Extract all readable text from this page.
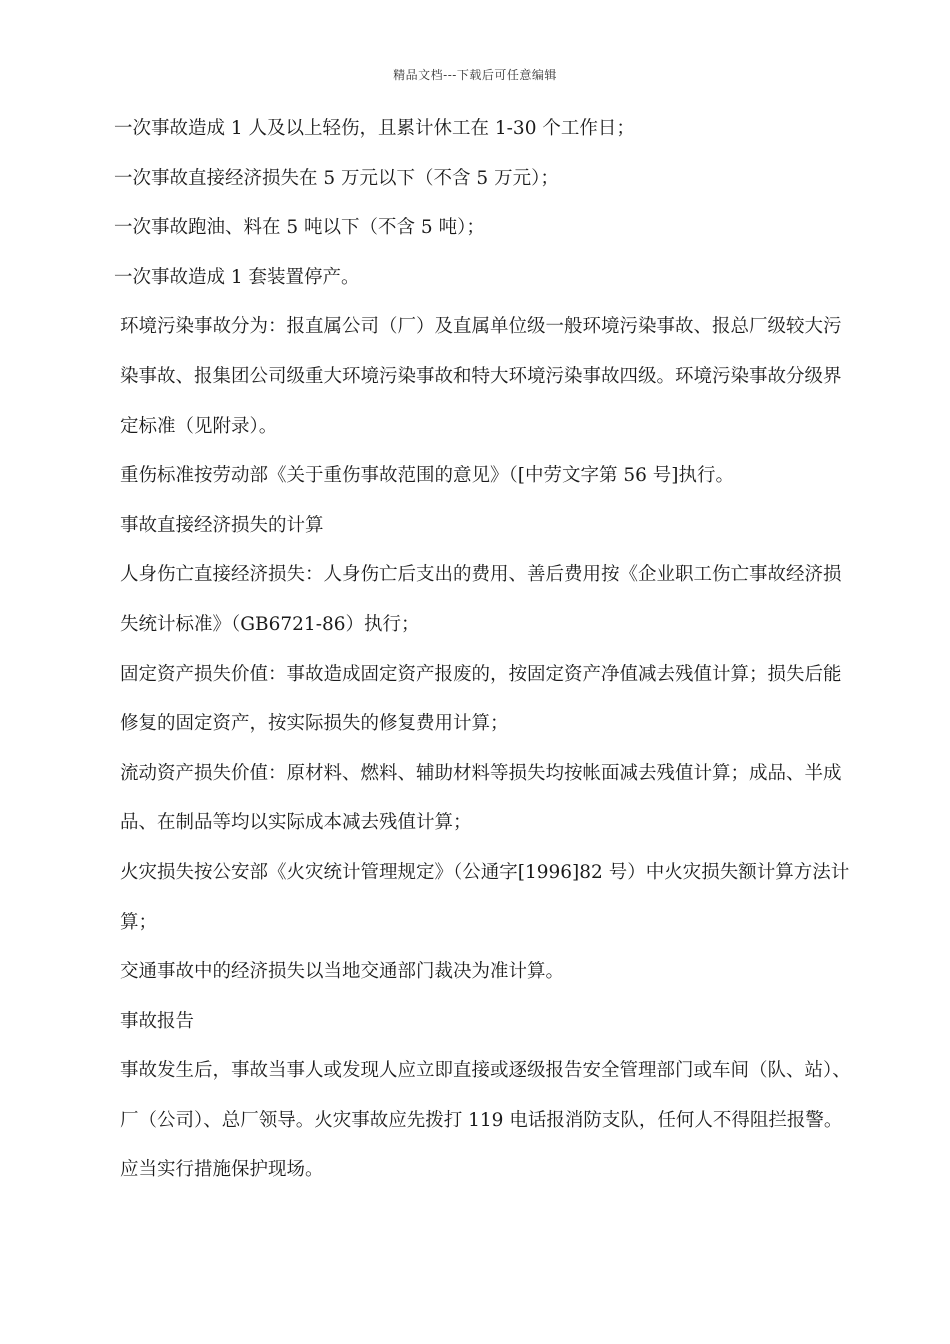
精品文档---下载后可任意编辑

一次事故造成 1 人及以上轻伤，且累计休工在 1-30 个工作日；

一次事故直接经济损失在 5 万元以下（不含 5 万元）；

一次事故跑油、料在 5 吨以下（不含 5 吨）；

一次事故造成 1 套装置停产。

环境污染事故分为：报直属公司（厂）及直属单位级一般环境污染事故、报总厂级较大污染事故、报集团公司级重大环境污染事故和特大环境污染事故四级。环境污染事故分级界定标准（见附录）。

重伤标准按劳动部《关于重伤事故范围的意见》（[中劳文字第 56 号]执行。

事故直接经济损失的计算

人身伤亡直接经济损失：人身伤亡后支出的费用、善后费用按《企业职工伤亡事故经济损失统计标准》（GB6721-86）执行；

固定资产损失价值：事故造成固定资产报废的，按固定资产净值减去残值计算；损失后能修复的固定资产，按实际损失的修复费用计算；

流动资产损失价值：原材料、燃料、辅助材料等损失均按帐面减去残值计算；成品、半成品、在制品等均以实际成本减去残值计算；

火灾损失按公安部《火灾统计管理规定》（公通字[1996]82 号）中火灾损失额计算方法计算；

交通事故中的经济损失以当地交通部门裁决为准计算。

事故报告

事故发生后，事故当事人或发现人应立即直接或逐级报告安全管理部门或车间（队、站）、厂（公司）、总厂领导。火灾事故应先拨打 119 电话报消防支队，任何人不得阻拦报警。应当实行措施保护现场。
